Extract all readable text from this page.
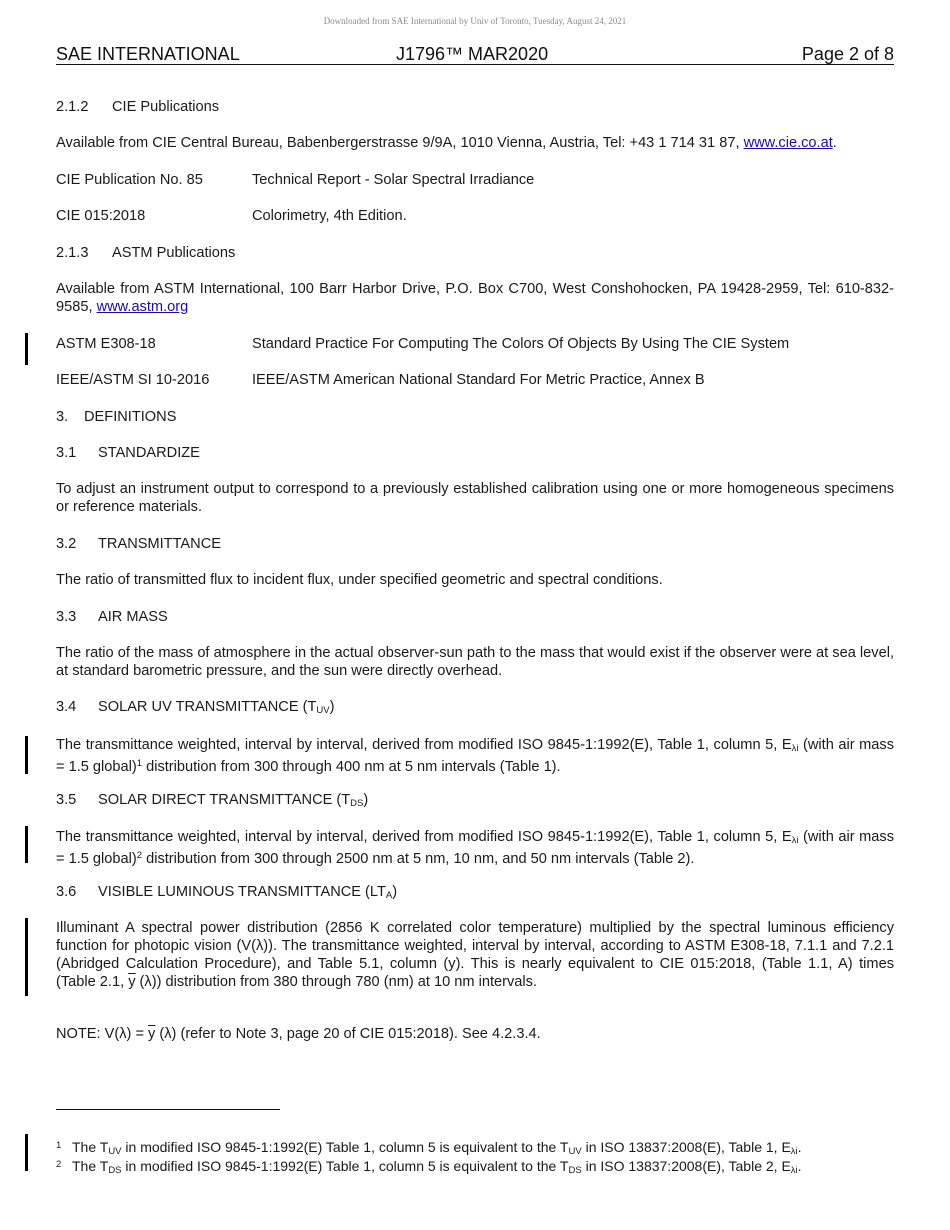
Downloaded from SAE International by Univ of Toronto, Tuesday, August 24, 2021
SAE INTERNATIONAL	J1796™ MAR2020	Page 2 of 8
2.1.2 CIE Publications
Available from CIE Central Bureau, Babenbergerstrasse 9/9A, 1010 Vienna, Austria, Tel: +43 1 714 31 87, www.cie.co.at.
CIE Publication No. 85	Technical Report - Solar Spectral Irradiance
CIE 015:2018	Colorimetry, 4th Edition.
2.1.3 ASTM Publications
Available from ASTM International, 100 Barr Harbor Drive, P.O. Box C700, West Conshohocken, PA 19428-2959, Tel: 610-832-9585, www.astm.org
ASTM E308-18	Standard Practice For Computing The Colors Of Objects By Using The CIE System
IEEE/ASTM SI 10-2016	IEEE/ASTM American National Standard For Metric Practice, Annex B
3. DEFINITIONS
3.1 STANDARDIZE
To adjust an instrument output to correspond to a previously established calibration using one or more homogeneous specimens or reference materials.
3.2 TRANSMITTANCE
The ratio of transmitted flux to incident flux, under specified geometric and spectral conditions.
3.3 AIR MASS
The ratio of the mass of atmosphere in the actual observer-sun path to the mass that would exist if the observer were at sea level, at standard barometric pressure, and the sun were directly overhead.
3.4 SOLAR UV TRANSMITTANCE $(T_{UV})$
The transmittance weighted, interval by interval, derived from modified ISO 9845-1:1992(E), Table 1, column 5, $E_{\lambda i}$ (with air mass = 1.5 global)$^1$ distribution from 300 through 400 nm at 5 nm intervals (Table 1).
3.5 SOLAR DIRECT TRANSMITTANCE $(T_{DS})$
The transmittance weighted, interval by interval, derived from modified ISO 9845-1:1992(E), Table 1, column 5, $E_{\lambda i}$ (with air mass = 1.5 global)$^2$ distribution from 300 through 2500 nm at 5 nm, 10 nm, and 50 nm intervals (Table 2).
3.6 VISIBLE LUMINOUS TRANSMITTANCE $(LT_A)$
Illuminant A spectral power distribution (2856 K correlated color temperature) multiplied by the spectral luminous efficiency function for photopic vision (V(λ)). The transmittance weighted, interval by interval, according to ASTM E308-18, 7.1.1 and 7.2.1 (Abridged Calculation Procedure), and Table 5.1, column (y). This is nearly equivalent to CIE 015:2018, (Table 1.1, A) times (Table 2.1, $\overline{y}$ (λ)) distribution from 380 through 780 (nm) at 10 nm intervals.
NOTE: $V(\lambda) = \overline{y}$ (λ) (refer to Note 3, page 20 of CIE 015:2018). See 4.2.3.4.
1 The $T_{UV}$ in modified ISO 9845-1:1992(E) Table 1, column 5 is equivalent to the $T_{UV}$ in ISO 13837:2008(E), Table 1, $E_{\lambda i}$.
2 The $T_{DS}$ in modified ISO 9845-1:1992(E) Table 1, column 5 is equivalent to the $T_{DS}$ in ISO 13837:2008(E), Table 2, $E_{\lambda i}$.
